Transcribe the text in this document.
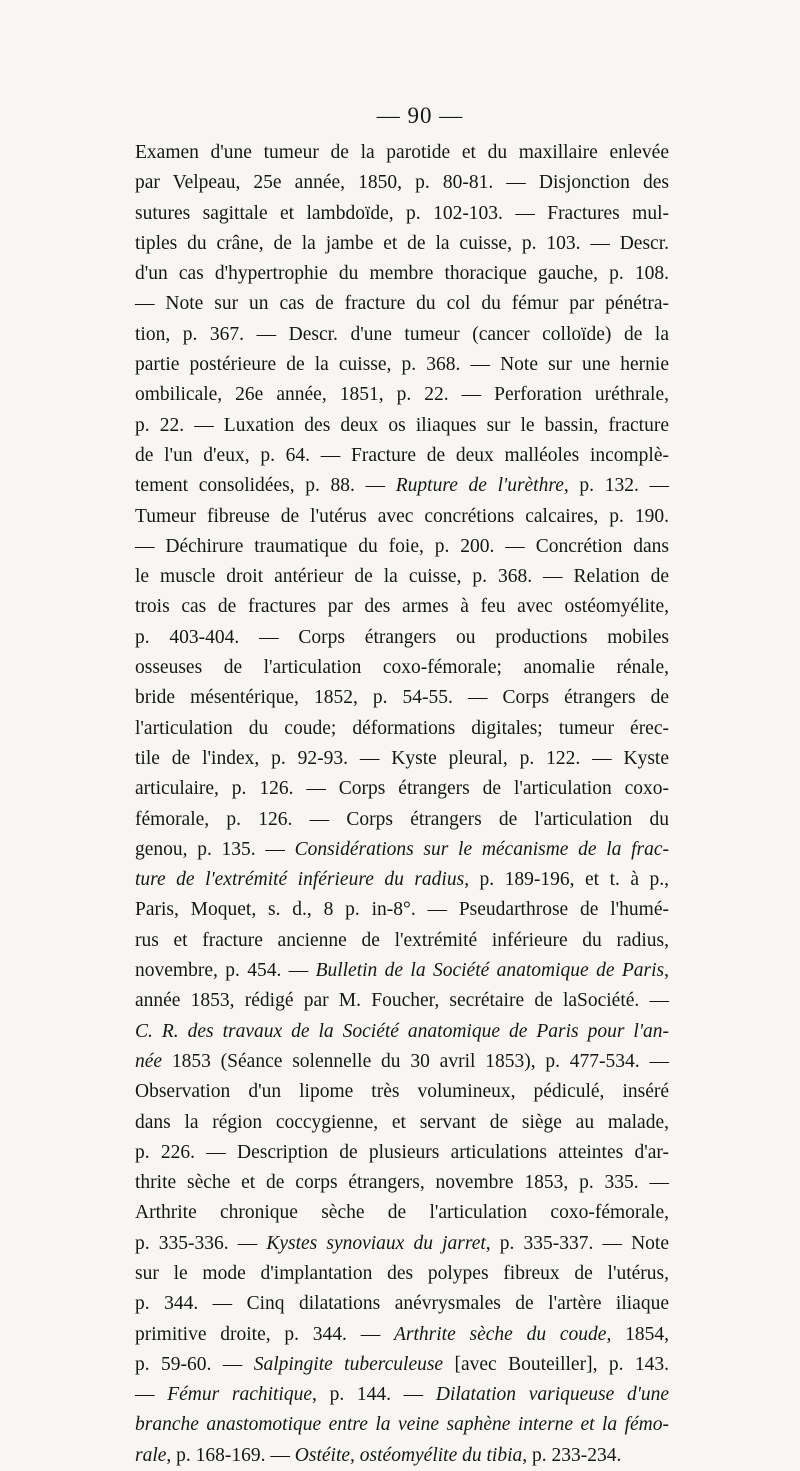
— 90 —
Examen d'une tumeur de la parotide et du maxillaire enlevée
par Velpeau, 25e année, 1850, p. 80-81. — Disjonction des
sutures sagittale et lambdoïde, p. 102-103. — Fractures mul-
tiples du crâne, de la jambe et de la cuisse, p. 103. — Descr.
d'un cas d'hypertrophie du membre thoracique gauche, p. 108.
— Note sur un cas de fracture du col du fémur par pénétra-
tion, p. 367. — Descr. d'une tumeur (cancer colloïde) de la
partie postérieure de la cuisse, p. 368. — Note sur une hernie
ombilicale, 26e année, 1851, p. 22. — Perforation uréthrale,
p. 22. — Luxation des deux os iliaques sur le bassin, fracture
de l'un d'eux, p. 64. — Fracture de deux malléoles incomplè-
tement consolidées, p. 88. — Rupture de l'urèthre, p. 132. —
Tumeur fibreuse de l'utérus avec concrétions calcaires, p. 190.
— Déchirure traumatique du foie, p. 200. — Concrétion dans
le muscle droit antérieur de la cuisse, p. 368. — Relation de
trois cas de fractures par des armes à feu avec ostéomyélite,
p. 403-404. — Corps étrangers ou productions mobiles
osseuses de l'articulation coxo-fémorale; anomalie rénale,
bride mésentérique, 1852, p. 54-55. — Corps étrangers de
l'articulation du coude; déformations digitales; tumeur érec-
tile de l'index, p. 92-93. — Kyste pleural, p. 122. — Kyste
articulaire, p. 126. — Corps étrangers de l'articulation coxo-
fémorale, p. 126. — Corps étrangers de l'articulation du
genou, p. 135. — Considérations sur le mécanisme de la frac-
ture de l'extrémité inférieure du radius, p. 189-196, et t. à p.,
Paris, Moquet, s. d., 8 p. in-8°. — Pseudarthrose de l'humé-
rus et fracture ancienne de l'extrémité inférieure du radius,
novembre, p. 454. — Bulletin de la Société anatomique de Paris,
année 1853, rédigé par M. Foucher, secrétaire de laSociété. —
C. R. des travaux de la Société anatomique de Paris pour l'an-
née 1853 (Séance solennelle du 30 avril 1853), p. 477-534. —
Observation d'un lipome très volumineux, pédiculé, inséré
dans la région coccygienne, et servant de siège au malade,
p. 226. — Description de plusieurs articulations atteintes d'ar-
thrite sèche et de corps étrangers, novembre 1853, p. 335. —
Arthrite chronique sèche de l'articulation coxo-fémorale,
p. 335-336. — Kystes synoviaux du jarret, p. 335-337. — Note
sur le mode d'implantation des polypes fibreux de l'utérus,
p. 344. — Cinq dilatations anévrysmales de l'artère iliaque
primitive droite, p. 344. — Arthrite sèche du coude, 1854,
p. 59-60. — Salpingite tuberculeuse [avec Bouteiller], p. 143.
— Fémur rachitique, p. 144. — Dilatation variqueuse d'une
branche anastomotique entre la veine saphène interne et la fémo-
rale, p. 168-169. — Ostéite, ostéomyélite du tibia, p. 233-234.
